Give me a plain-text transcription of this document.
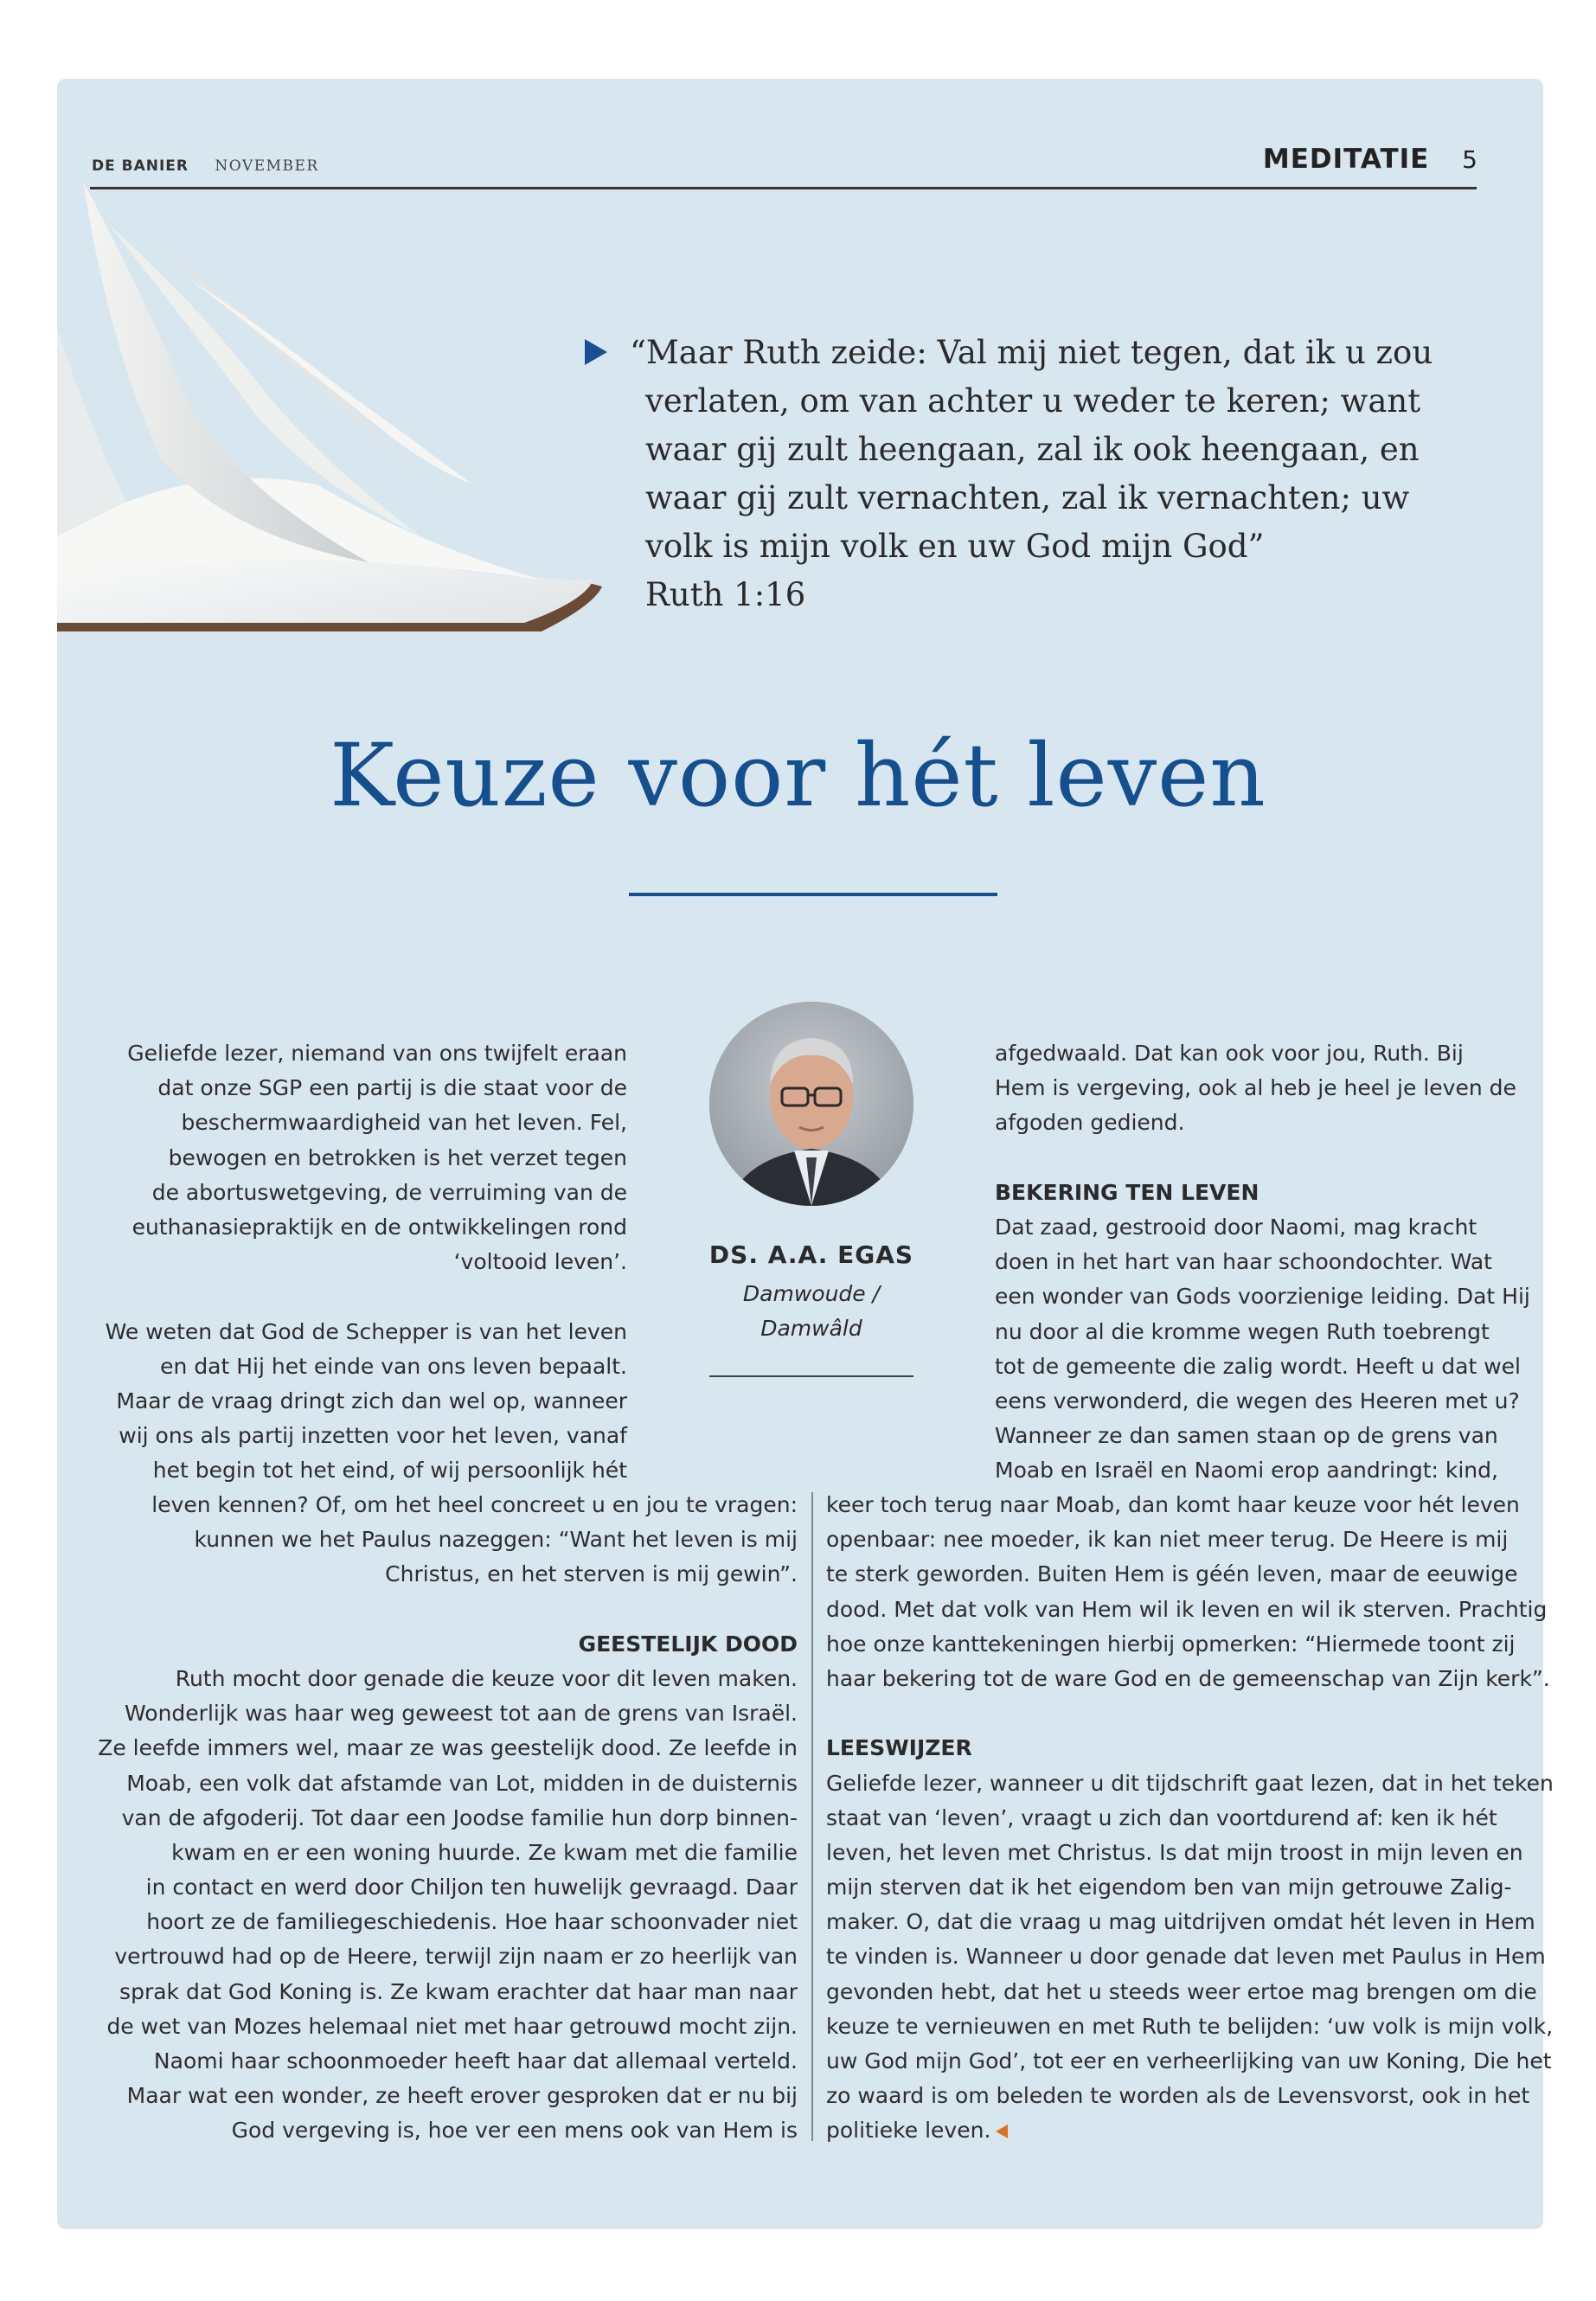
DE BANIER NOVEMBER	MEDITATIE 5
“Maar Ruth zeide: Val mij niet tegen, dat ik u zou
verlaten, om van achter u weder te keren; want
waar gij zult heengaan, zal ik ook heengaan, en
waar gij zult vernachten, zal ik vernachten; uw
volk is mijn volk en uw God mijn God”
Ruth 1:16
Keuze voor hét leven
DS. A.A. EGAS
Damwoude /
Damwâld
Geliefde lezer, niemand van ons twijfelt eraan
dat onze SGP een partij is die staat voor de
beschermwaardigheid van het leven. Fel,
bewogen en betrokken is het verzet tegen
de abortuswetgeving, de verruiming van de
euthanasiepraktijk en de ontwikkelingen rond
‘voltooid leven’.
We weten dat God de Schepper is van het leven
en dat Hij het einde van ons leven bepaalt.
Maar de vraag dringt zich dan wel op, wanneer
wij ons als partij inzetten voor het leven, vanaf
het begin tot het eind, of wij persoonlijk hét
leven kennen? Of, om het heel concreet u en jou te vragen:
kunnen we het Paulus nazeggen: “Want het leven is mij
Christus, en het sterven is mij gewin”.
GEESTELIJK DOOD
Ruth mocht door genade die keuze voor dit leven maken.
Wonderlijk was haar weg geweest tot aan de grens van Israël.
Ze leefde immers wel, maar ze was geestelijk dood. Ze leefde in
Moab, een volk dat afstamde van Lot, midden in de duisternis
van de afgoderij. Tot daar een Joodse familie hun dorp binnen-
kwam en er een woning huurde. Ze kwam met die familie
in contact en werd door Chiljon ten huwelijk gevraagd. Daar
hoort ze de familiegeschiedenis. Hoe haar schoonvader niet
vertrouwd had op de Heere, terwijl zijn naam er zo heerlijk van
sprak dat God Koning is. Ze kwam erachter dat haar man naar
de wet van Mozes helemaal niet met haar getrouwd mocht zijn.
Naomi haar schoonmoeder heeft haar dat allemaal verteld.
Maar wat een wonder, ze heeft erover gesproken dat er nu bij
God vergeving is, hoe ver een mens ook van Hem is
afgedwaald. Dat kan ook voor jou, Ruth. Bij
Hem is vergeving, ook al heb je heel je leven de
afgoden gediend.
BEKERING TEN LEVEN
Dat zaad, gestrooid door Naomi, mag kracht
doen in het hart van haar schoondochter. Wat
een wonder van Gods voorzienige leiding. Dat Hij
nu door al die kromme wegen Ruth toebrengt
tot de gemeente die zalig wordt. Heeft u dat wel
eens verwonderd, die wegen des Heeren met u?
Wanneer ze dan samen staan op de grens van
Moab en Israël en Naomi erop aandringt: kind,
keer toch terug naar Moab, dan komt haar keuze voor hét leven
openbaar: nee moeder, ik kan niet meer terug. De Heere is mij
te sterk geworden. Buiten Hem is géén leven, maar de eeuwige
dood. Met dat volk van Hem wil ik leven en wil ik sterven. Prachtig
hoe onze kanttekeningen hierbij opmerken: “Hiermede toont zij
haar bekering tot de ware God en de gemeenschap van Zijn kerk”.
LEESWIJZER
Geliefde lezer, wanneer u dit tijdschrift gaat lezen, dat in het teken
staat van ‘leven’, vraagt u zich dan voortdurend af: ken ik hét
leven, het leven met Christus. Is dat mijn troost in mijn leven en
mijn sterven dat ik het eigendom ben van mijn getrouwe Zalig-
maker. O, dat die vraag u mag uitdrijven omdat hét leven in Hem
te vinden is. Wanneer u door genade dat leven met Paulus in Hem
gevonden hebt, dat het u steeds weer ertoe mag brengen om die
keuze te vernieuwen en met Ruth te belijden: ‘uw volk is mijn volk,
uw God mijn God’, tot eer en verheerlijking van uw Koning, Die het
zo waard is om beleden te worden als de Levensvorst, ook in het
politieke leven.
